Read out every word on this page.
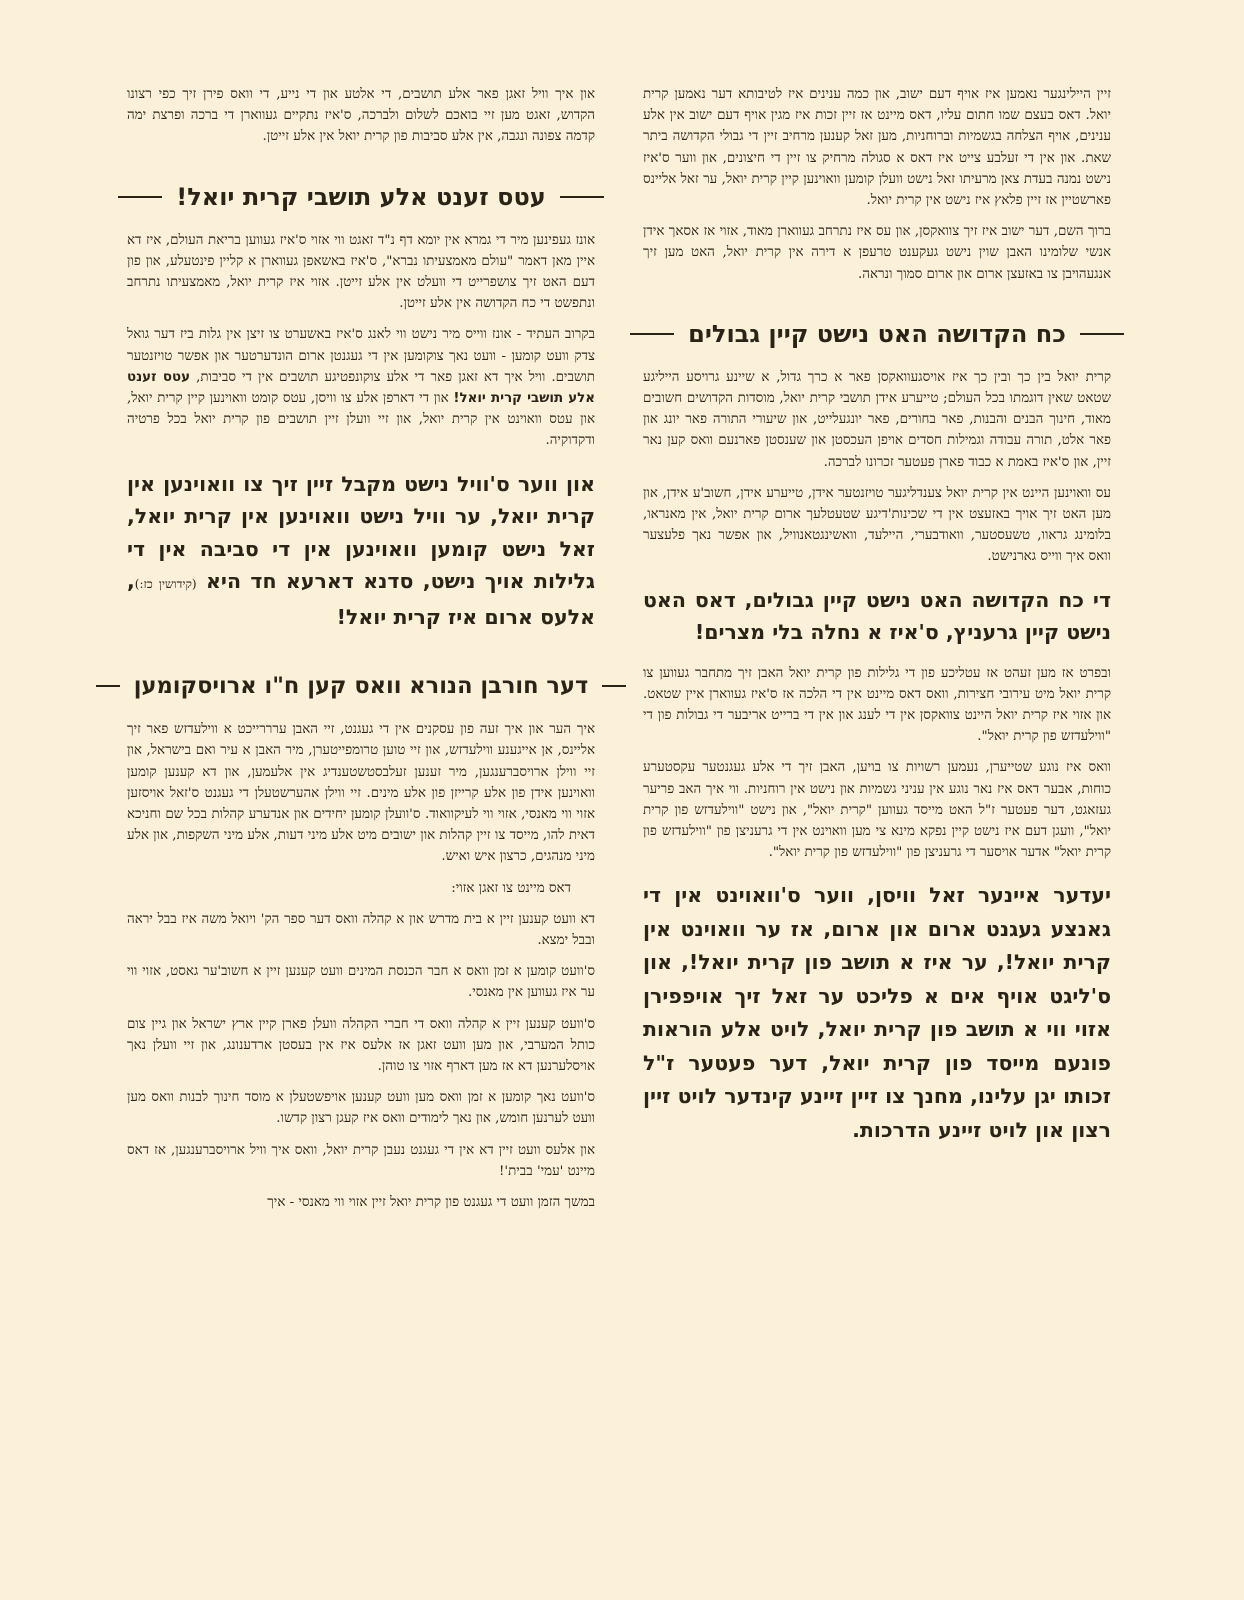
זיין היילינגער נאמען איז אויף דעם ישוב, און כמה ענינים איז לטיבותא דער נאמען קרית יואל. דאס בעצם שמו חתום עליו, דאס מיינט אז זיין זכות איז מגין אויף דעם ישוב אין אלע ענינים, אויף הצלחה בגשמיות וברוחניות, מען זאל קענען מרחיב זיין די גבולי הקדושה ביתר שאת. און אין די זעלבע צייט איז דאס א סגולה מרחיק צו זיין די חיצונים, און ווער ס'איז נישט נמנה בעדת צאן מרעיתו זאל נישט וועלן קומען וואוינען קיין קרית יואל, ער זאל אליינס פארשטיין אז זיין פלאץ איז נישט אין קרית יואל.

ברוך השם, דער ישוב איז זיך צוואקסן, און עס איז נתרחב געווארן מאוד, אזוי אז אסאך אידן אנשי שלומינו האבן שוין נישט געקענט טרעפן א דירה אין קרית יואל, האט מען זיך אנגעהויבן צו באזעצן ארום און ארום סמוך ונראה.

כח הקדושה האט נישט קיין גבולים

קרית יואל בין כך ובין כך איז אויסגעוואקסן פאר א כרך גדול, א שיינע גרויסע הייליגע שטאט שאין דוגמתו בכל העולם; טייערע אידן תושבי קרית יואל, מוסדות הקדושים חשובים מאוד, חינוך הבנים והבנות, פאר בחורים, פאר יונגעלייט, און שיעורי התורה פאר יונג און פאר אלט, תורה עבודה וגמילות חסדים אויפן העכסטן און שענסטן פארנעם וואס קען נאר זיין, און ס'איז באמת א כבוד פארן פעטער זכרונו לברכה.

עס וואוינען היינט אין קרית יואל צענדליגער טויזנטער אידן, טייערע אידן, חשוב'ע אידן, און מען האט זיך אויך באזעצט אין די שכינות'דיגע שטעטלעך ארום קרית יואל, אין מאנראו, בלומינג גראוו, טשעסטער, וואודבערי, היילעד, וואשינגטאנוויל, און אפשר נאך פלעצער וואס איך ווייס גארנישט.

די כח הקדושה האט נישט קיין גבולים, דאס האט נישט קיין גרעניץ, ס'איז א נחלה בלי מצרים!

ובפרט אז מען זעהט אז עטליכע פון די גלילות פון קרית יואל האבן זיך מתחבר געווען צו קרית יואל מיט עירובי חצירות, וואס דאס מיינט אין די הלכה אז ס'איז געווארן איין שטאט. און אזוי איז קרית יואל היינט צוואקסן אין די לענג און אין די ברייט אריבער די גבולות פון די "ווילעדזש פון קרית יואל".

וואס איז נוגע שטייערן, נעמען רשויות צו בויען, האבן זיך די אלע געגנטער עקסטערע כוחות, אבער דאס איז נאר נוגע אין עניני גשמיות און נישט אין רוחניות. ווי איך האב פריער געזאגט, דער פעטער ז"ל האט מייסד געווען "קרית יואל", און נישט "ווילעדזש פון קרית יואל", וועגן דעם איז נישט קיין נפקא מינא צי מען וואוינט אין די גרעניצן פון "ווילעדזש פון קרית יואל" אדער אויסער די גרעניצן פון "ווילעדזש פון קרית יואל".

יעדער איינער זאל וויסן, ווער ס'וואוינט אין די גאנצע געגנט ארום און ארום, אז ער וואוינט אין קרית יואל!, ער איז א תושב פון קרית יואל!, און ס'ליגט אויף אים א פליכט ער זאל זיך אויפפירן אזוי ווי א תושב פון קרית יואל, לויט אלע הוראות פונעם מייסד פון קרית יואל, דער פעטער ז"ל זכותו יגן עלינו, מחנך צו זיין זיינע קינדער לויט זיין רצון און לויט זיינע הדרכות.

און איך וויל זאגן פאר אלע תושבים, די אלטע און די נייע, די וואס פירן זיך כפי רצונו הקדוש, זאגט מען זיי בואכם לשלום ולברכה, ס'איז נתקיים געווארן די ברכה ופרצת ימה קדמה צפונה ונגבה, אין אלע סביבות פון קרית יואל אין אלע זייטן.

עטס זענט אלע תושבי קרית יואל!

אונז געפינען מיר די גמרא אין יומא דף נ"ד זאגט ווי אזוי ס'איז געווען בריאת העולם, איז דא איין מאן דאמר "עולם מאמצעיתו נברא", ס'איז באשאפן געווארן א קליין פינטעלע, און פון דעם האט זיך צושפרייט די וועלט אין אלע זייטן. אזוי איז קרית יואל, מאמצעיתו נתרחב ונתפשט די כח הקדושה אין אלע זייטן.

בקרוב העתיד - אונז ווייס מיר נישט ווי לאנג ס'איז באשערט צו זיצן אין גלות ביז דער גואל צדק וועט קומען - וועט נאך צוקומען אין די געגנטן ארום הונדערטער און אפשר טויזנטער תושבים. וויל איך דא זאגן פאר די אלע צוקונפטיגע תושבים אין די סביבות, עטס זענט אלע תושבי קרית יואל! און די דארפן אלע צו וויסן, עטס קומט וואוינען קיין קרית יואל, און עטס וואוינט אין קרית יואל, און זיי וועלן זיין תושבים פון קרית יואל בכל פרטיה ודקדוקיה.

און ווער ס'וויל נישט מקבל זיין זיך צו וואוינען אין קרית יואל, ער וויל נישט וואוינען אין קרית יואל, זאל נישט קומען וואוינען אין די סביבה אין די גלילות אויך נישט, סדנא דארעא חד היא (קידושין כז:), אלעס ארום איז קרית יואל!
דער חורבן הנורא וואס קען ח"ו ארויסקומען

איך הער און איך זעה פון עסקנים אין די געגנט, זיי האבן ערררייכט א ווילעדזש פאר זיך אליינס, אן אייגענע ווילעדזש, און זיי טוען טרומפייטערן, מיר האבן א עיר ואם בישראל, און זיי ווילן ארויסברענגען, מיר זענען זעלבסטשטענדיג אין אלעמען, און דא קענען קומען וואוינען אידן פון אלע קרייזן פון אלע מינים. זיי ווילן אהערשטעלן די געגנט ס'זאל אויסזען אזוי ווי מאנסי, אזוי ווי לעיקוואוד. ס'וועלן קומען יחידים און אנדערע קהלות בכל שם וחניכא דאית להו, מייסד צו זיין קהלות און ישובים מיט אלע מיני דעות, אלע מיני השקפות, און אלע מיני מנהגים, כרצון איש ואיש.

דאס מיינט צו זאגן אזוי:

דא וועט קענען זיין א בית מדרש און א קהלה וואס דער ספר הק' ויואל משה איז בבל יראה ובבל ימצא.

ס'וועט קומען א זמן וואס א חבר הכנסת המינים וועט קענען זיין א חשוב'ער גאסט, אזוי ווי ער איז געווען אין מאנסי.

ס'וועט קענען זיין א קהלה וואס די חברי הקהלה וועלן פארן קיין ארץ ישראל און גיין צום כותל המערבי, און מען וועט זאגן אז אלעס איז אין בעסטן ארדענונג, און זיי וועלן נאך אויסלערנען דא אז מען דארף אזוי צו טוהן.

ס'וועט נאך קומען א זמן וואס מען וועט קענען אויפשטעלן א מוסד חינוך לבנות וואס מען וועט לערנען חומש, און נאך לימודים וואס איז קעגן רצון קדשו.

און אלעס וועט זיין דא אין די געגנט נעבן קרית יואל, וואס איך וויל ארויסברענגען, אז דאס מיינט 'עמי' בבית'!

במשך הזמן וועט די געגנט פון קרית יואל זיין אזוי ווי מאנסי - איך
